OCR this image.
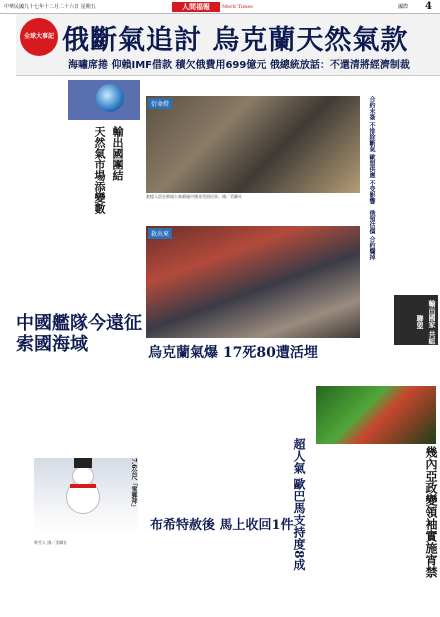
中華民國九十七年十二月二十六日 星期五	人間福報	Merit Times	國際 4
全球大事記 俄斷氣追討 烏克蘭天然氣款
海嘯席捲 仰賴IMF借款 積欠俄費用699億元 俄總統放話：不還清將經濟制裁
輸出國團結
天然氣市場添變數
中國艦隊今遠征索國海域
衍命燈
救援人員在倒塌公寓廢墟中搜尋受困民眾。國／美聯社
救出來
烏克蘭氣爆 17死80遭活埋
7.6公尺「雪郵拜」
堆雪人 國／美聯社
布希特赦後 馬上收回1件
超人氣 歐巴馬支持度8成
合約未簽 不排除斷氣
歐盟供應 不受影響
俄預估價 合約爛掉
輸出國家 共組聯盟
幾內亞政變領袖實施宵禁
